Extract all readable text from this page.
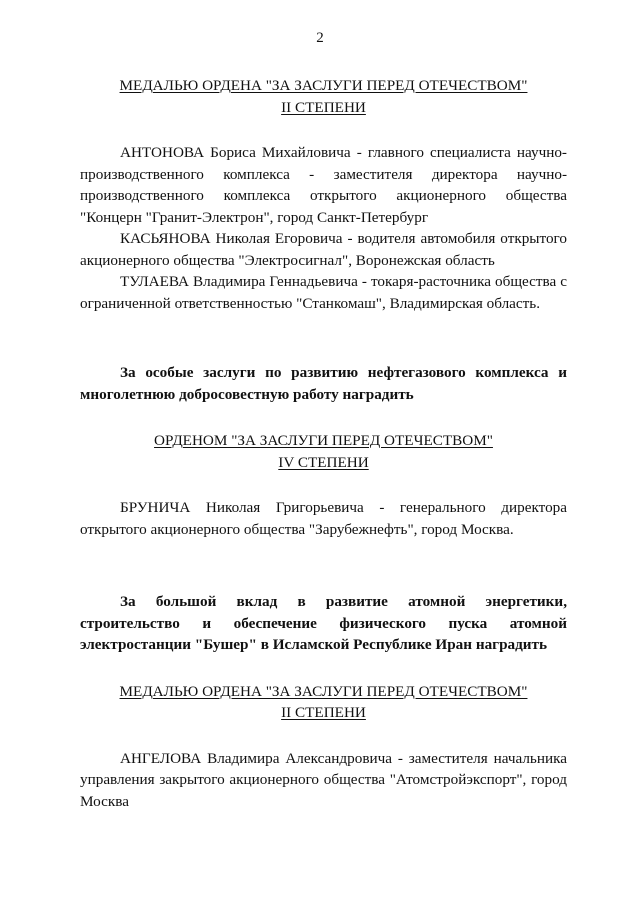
2
МЕДАЛЬЮ ОРДЕНА "ЗА ЗАСЛУГИ ПЕРЕД ОТЕЧЕСТВОМ"
II СТЕПЕНИ

АНТОНОВА Бориса Михайловича - главного специалиста научно-производственного комплекса - заместителя директора научно-производственного комплекса открытого акционерного общества "Концерн "Гранит-Электрон", город Санкт-Петербург

КАСЬЯНОВА Николая Егоровича - водителя автомобиля открытого акционерного общества "Электросигнал", Воронежская область

ТУЛАЕВА Владимира Геннадьевича - токаря-расточника общества с ограниченной ответственностью "Станкомаш", Владимирская область.

За особые заслуги по развитию нефтегазового комплекса и многолетнюю добросовестную работу наградить

ОРДЕНОМ "ЗА ЗАСЛУГИ ПЕРЕД ОТЕЧЕСТВОМ"
IV СТЕПЕНИ

БРУНИЧА Николая Григорьевича - генерального директора открытого акционерного общества "Зарубежнефть", город Москва.

За большой вклад в развитие атомной энергетики, строительство и обеспечение физического пуска атомной электростанции "Бушер" в Исламской Республике Иран наградить

МЕДАЛЬЮ ОРДЕНА "ЗА ЗАСЛУГИ ПЕРЕД ОТЕЧЕСТВОМ"
II СТЕПЕНИ

АНГЕЛОВА Владимира Александровича - заместителя начальника управления закрытого акционерного общества "Атомстройэкспорт", город Москва
